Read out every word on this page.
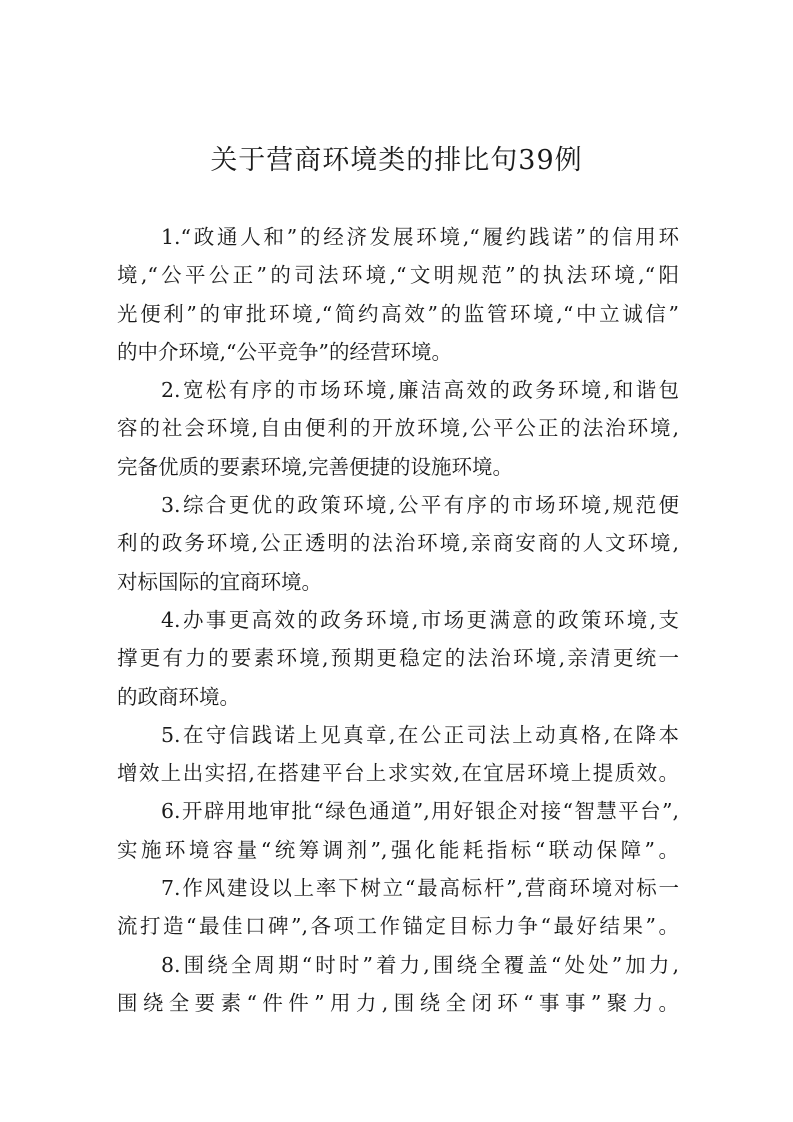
关于营商环境类的排比句39例
1.“政通人和”的经济发展环境,“履约践诺”的信用环
境,“公平公正”的司法环境,“文明规范”的执法环境,“阳
光便利”的审批环境,“简约高效”的监管环境,“中立诚信”
的中介环境,“公平竞争”的经营环境。
2.宽松有序的市场环境,廉洁高效的政务环境,和谐包
容的社会环境,自由便利的开放环境,公平公正的法治环境,
完备优质的要素环境,完善便捷的设施环境。
3.综合更优的政策环境,公平有序的市场环境,规范便
利的政务环境,公正透明的法治环境,亲商安商的人文环境,
对标国际的宜商环境。
4.办事更高效的政务环境,市场更满意的政策环境,支
撑更有力的要素环境,预期更稳定的法治环境,亲清更统一
的政商环境。
5.在守信践诺上见真章,在公正司法上动真格,在降本
增效上出实招,在搭建平台上求实效,在宜居环境上提质效。
6.开辟用地审批“绿色通道”,用好银企对接“智慧平台”,
实施环境容量“统筹调剂”,强化能耗指标“联动保障”。
7.作风建设以上率下树立“最高标杆”,营商环境对标一
流打造“最佳口碑”,各项工作锚定目标力争“最好结果”。
8.围绕全周期“时时”着力,围绕全覆盖“处处”加力,
围绕全要素“件件”用力,围绕全闭环“事事”聚力。
